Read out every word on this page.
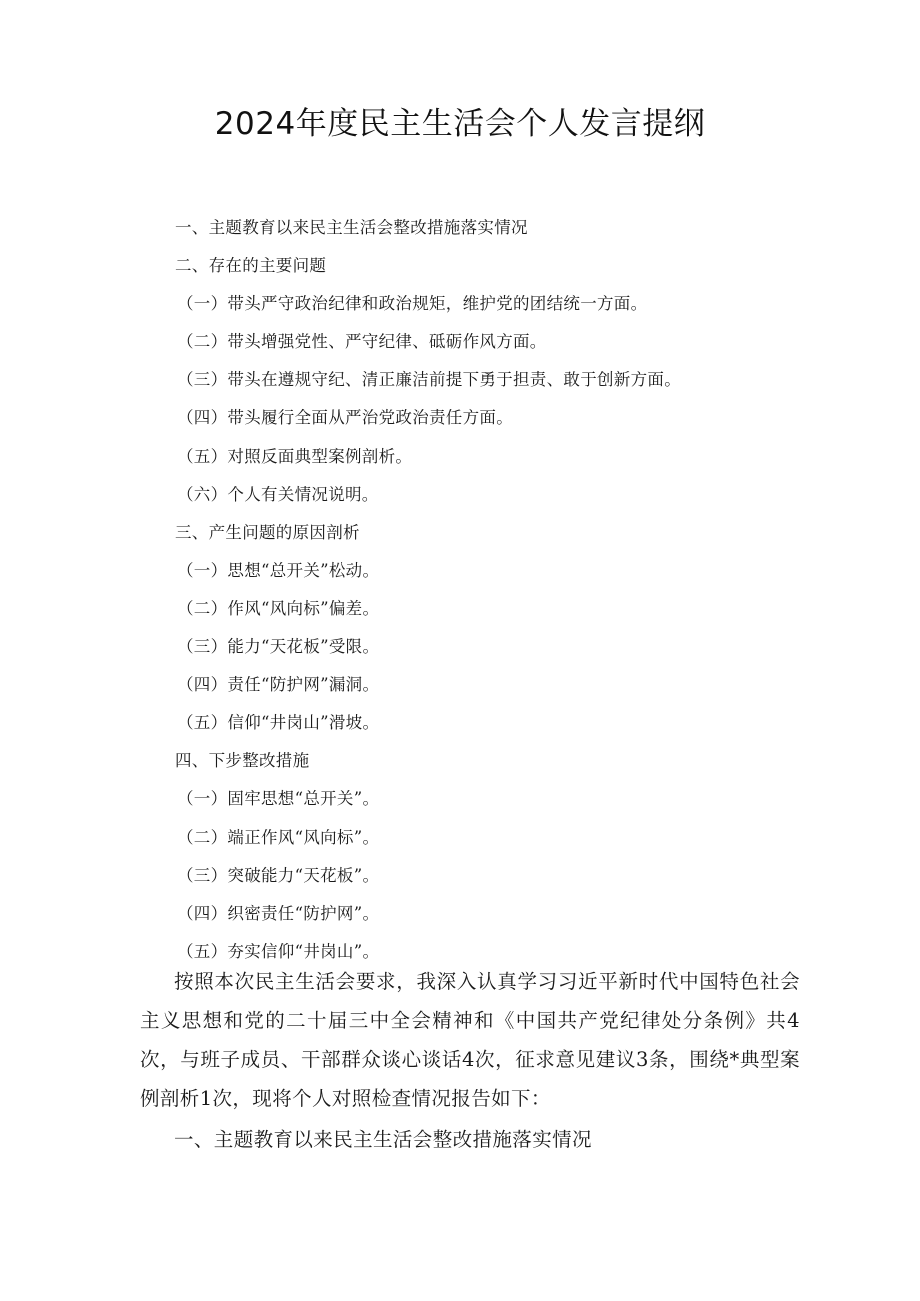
2024年度民主生活会个人发言提纲
一、主题教育以来民主生活会整改措施落实情况
二、存在的主要问题
（一）带头严守政治纪律和政治规矩，维护党的团结统一方面。
（二）带头增强党性、严守纪律、砥砺作风方面。
（三）带头在遵规守纪、清正廉洁前提下勇于担责、敢于创新方面。
（四）带头履行全面从严治党政治责任方面。
（五）对照反面典型案例剖析。
（六）个人有关情况说明。
三、产生问题的原因剖析
（一）思想“总开关”松动。
（二）作风“风向标”偏差。
（三）能力“天花板”受限。
（四）责任“防护网”漏洞。
（五）信仰“井岗山”滑坡。
四、下步整改措施
（一）固牢思想“总开关”。
（二）端正作风“风向标”。
（三）突破能力“天花板”。
（四）织密责任“防护网”。
（五）夯实信仰“井岗山”。

按照本次民主生活会要求，我深入认真学习习近平新时代中国特色社会主义思想和党的二十届三中全会精神和《中国共产党纪律处分条例》共4次，与班子成员、干部群众谈心谈话4次，征求意见建议3条，围绕*典型案例剖析1次，现将个人对照检查情况报告如下：

一、主题教育以来民主生活会整改措施落实情况
